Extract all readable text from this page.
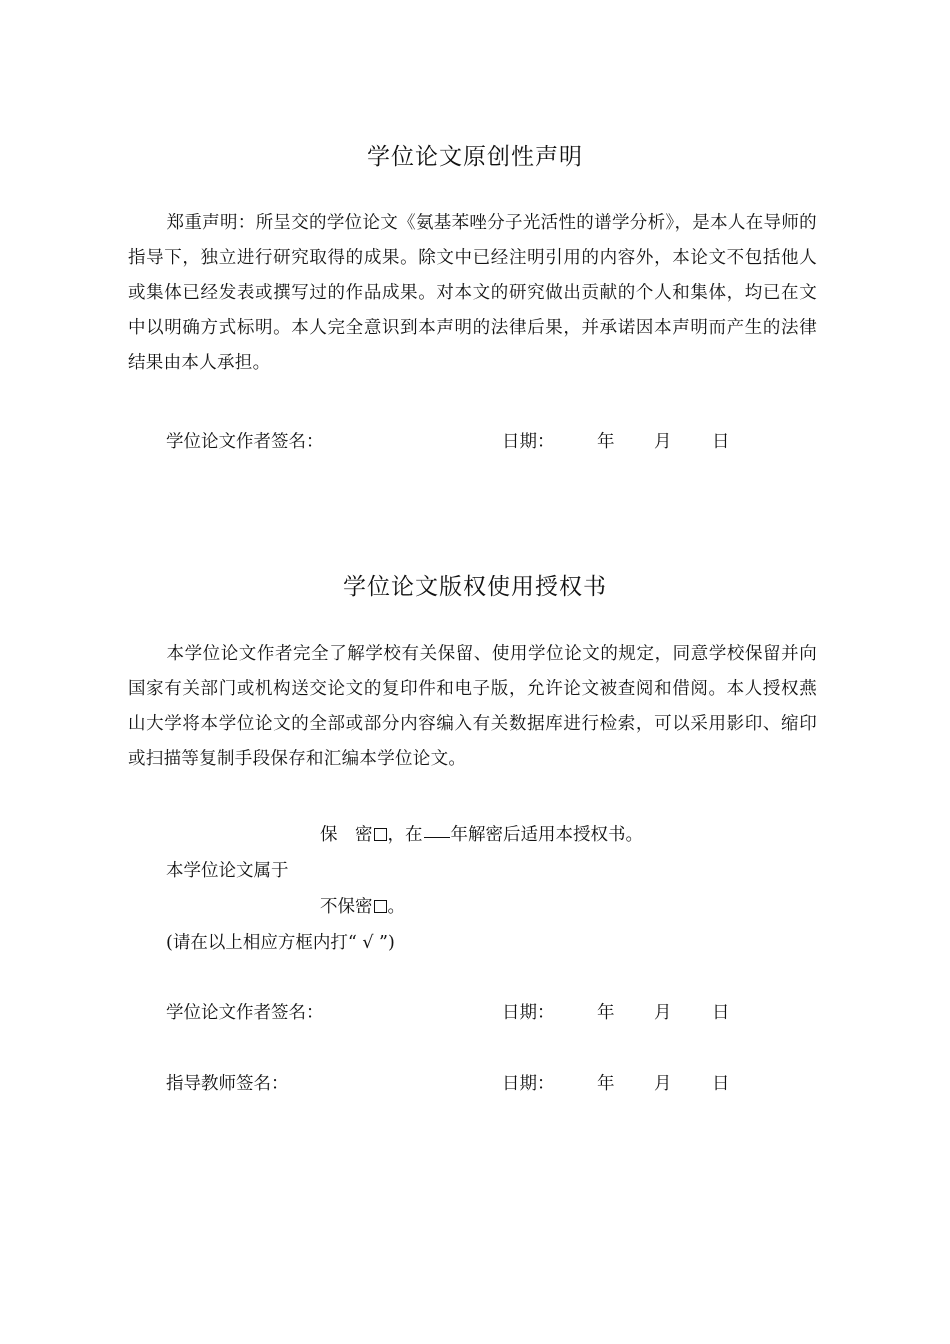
学位论文原创性声明
郑重声明：所呈交的学位论文《氨基苯唑分子光活性的谱学分析》，是本人在导师的指导下，独立进行研究取得的成果。除文中已经注明引用的内容外，本论文不包括他人或集体已经发表或撰写过的作品成果。对本文的研究做出贡献的个人和集体，均已在文中以明确方式标明。本人完全意识到本声明的法律后果，并承诺因本声明而产生的法律结果由本人承担。
学位论文作者签名：	日期： 年 月 日
学位论文版权使用授权书
本学位论文作者完全了解学校有关保留、使用学位论文的规定，同意学校保留并向国家有关部门或机构送交论文的复印件和电子版，允许论文被查阅和借阅。本人授权燕山大学将本学位论文的全部或部分内容编入有关数据库进行检索，可以采用影印、缩印或扫描等复制手段保存和汇编本学位论文。
保　密 ，在 年解密后适用本授权书。
本学位论文属于
不保密 。
(请在以上相应方框内打“ √ ”)
学位论文作者签名：	日期： 年 月 日
指导教师签名：	日期： 年 月 日
